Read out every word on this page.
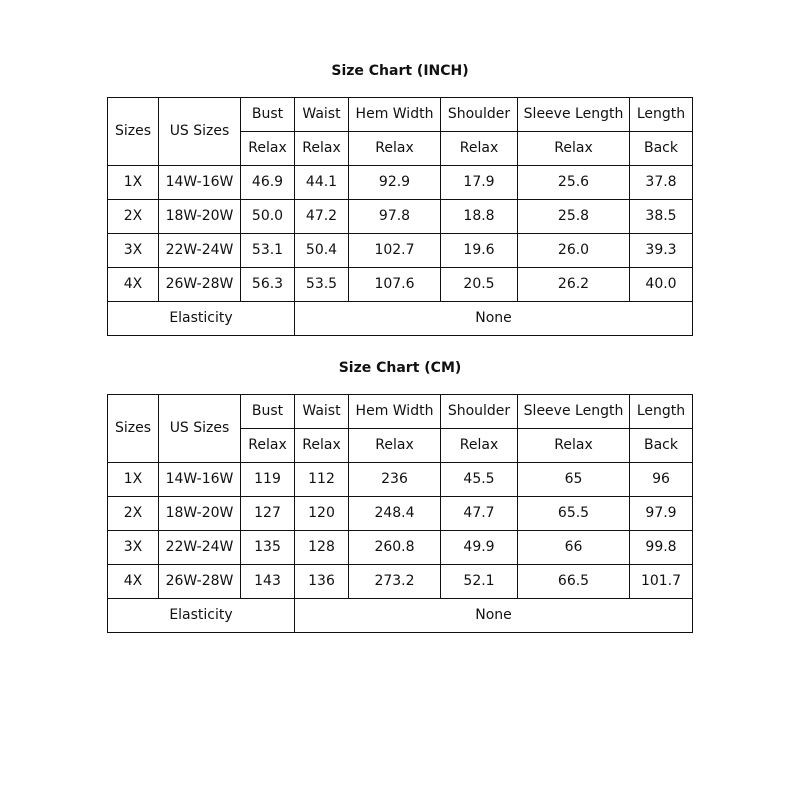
Size Chart (INCH)
Sizes	US Sizes	Bust	Waist	Hem Width	Shoulder	Sleeve Length	Length
		Relax	Relax	Relax	Relax	Relax	Back
1X	14W-16W	46.9	44.1	92.9	17.9	25.6	37.8
2X	18W-20W	50.0	47.2	97.8	18.8	25.8	38.5
3X	22W-24W	53.1	50.4	102.7	19.6	26.0	39.3
4X	26W-28W	56.3	53.5	107.6	20.5	26.2	40.0
Elasticity			None				
Size Chart (CM)
Sizes	US Sizes	Bust	Waist	Hem Width	Shoulder	Sleeve Length	Length
		Relax	Relax	Relax	Relax	Relax	Back
1X	14W-16W	119	112	236	45.5	65	96
2X	18W-20W	127	120	248.4	47.7	65.5	97.9
3X	22W-24W	135	128	260.8	49.9	66	99.8
4X	26W-28W	143	136	273.2	52.1	66.5	101.7
Elasticity			None				
